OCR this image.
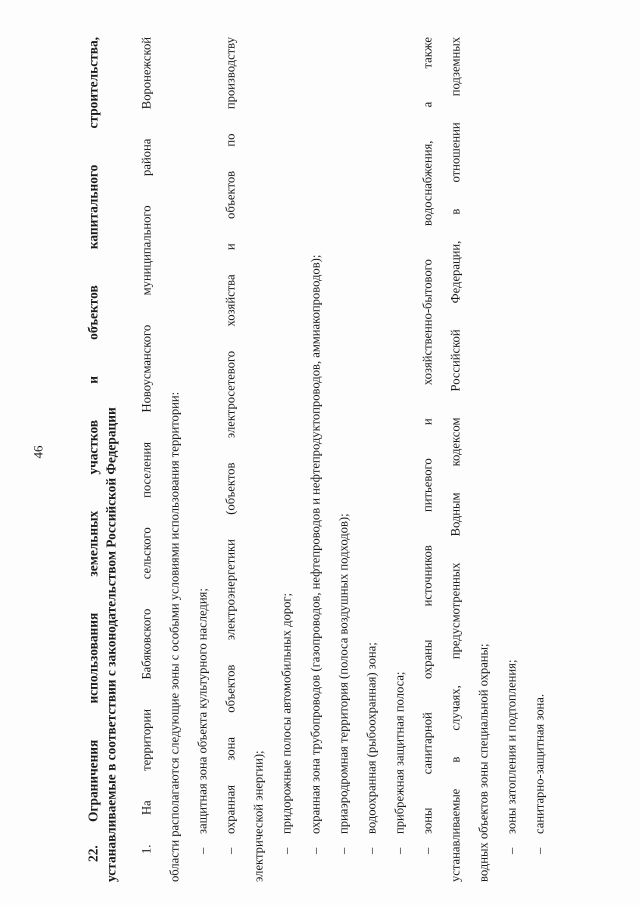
46
22.Ограничения использования земельных участков и объектов капитального строительства, устанавливаемые в соответствии с законодательством Российской Федерации	1. На территории Бабяковского сельского поселения Новоусманского муниципального района Воронежской	области располагаются следующие зоны с особыми условиями использования территории:	–защитная зона объекта культурного наследия;

–охранная зона объектов электроэнергетики (объектов электросетевого хозяйства и объектов по производству	электрической энергии);	–придорожные полосы автомобильных дорог;

–охранная зона трубопроводов (газопроводов, нефтепроводов и нефтепродуктопроводов, аммиакопроводов);

–приаэродромная территория (полоса воздушных подходов);

–водоохранная (рыбоохранная) зона;

–прибрежная защитная полоса;

–зоны санитарной охраны источников питьевого и хозяйственно-бытового водоснабжения, а также	устанавливаемые в случаях, предусмотренных Водным кодексом Российской Федерации, в отношении подземных	водных объектов зоны специальной охраны;	–зоны затопления и подтопления;

–санитарно-защитная зона.
